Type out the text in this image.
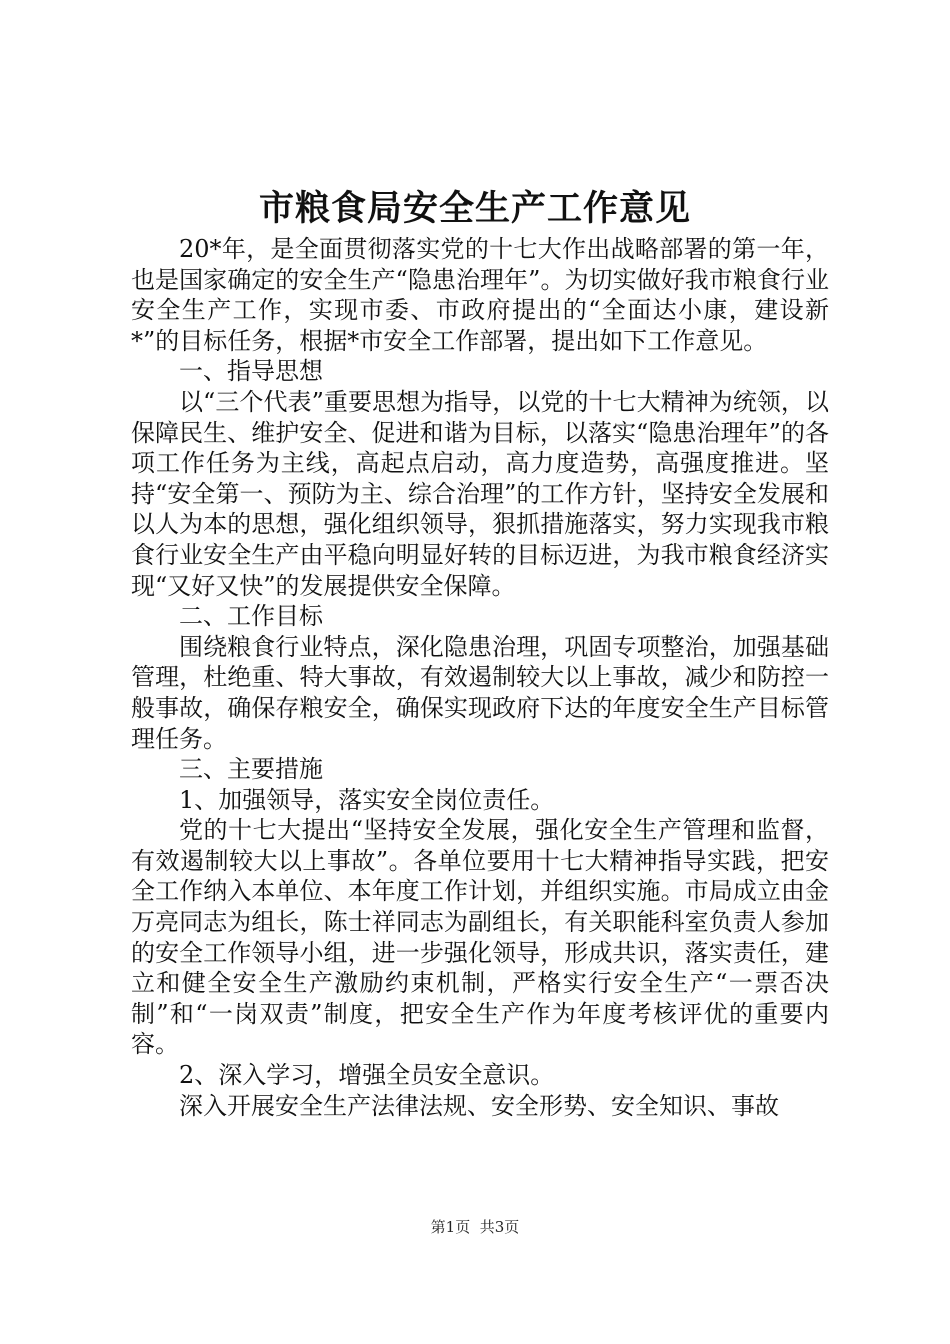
市粮食局安全生产工作意见

20*年，是全面贯彻落实党的十七大作出战略部署的第一年，也是国家确定的安全生产“隐患治理年”。为切实做好我市粮食行业安全生产工作，实现市委、市政府提出的“全面达小康，建设新*”的目标任务，根据*市安全工作部署，提出如下工作意见。

一、指导思想

以“三个代表”重要思想为指导，以党的十七大精神为统领，以保障民生、维护安全、促进和谐为目标，以落实“隐患治理年”的各项工作任务为主线，高起点启动，高力度造势，高强度推进。坚持“安全第一、预防为主、综合治理”的工作方针，坚持安全发展和以人为本的思想，强化组织领导，狠抓措施落实，努力实现我市粮食行业安全生产由平稳向明显好转的目标迈进，为我市粮食经济实现“又好又快”的发展提供安全保障。

二、工作目标

围绕粮食行业特点，深化隐患治理，巩固专项整治，加强基础管理，杜绝重、特大事故，有效遏制较大以上事故，减少和防控一般事故，确保存粮安全，确保实现政府下达的年度安全生产目标管理任务。

三、主要措施

1、加强领导，落实安全岗位责任。

党的十七大提出“坚持安全发展，强化安全生产管理和监督，有效遏制较大以上事故”。各单位要用十七大精神指导实践，把安全工作纳入本单位、本年度工作计划，并组织实施。市局成立由金万亮同志为组长，陈士祥同志为副组长，有关职能科室负责人参加的安全工作领导小组，进一步强化领导，形成共识，落实责任，建立和健全安全生产激励约束机制，严格实行安全生产“一票否决制”和“一岗双责”制度，把安全生产作为年度考核评优的重要内容。

2、深入学习，增强全员安全意识。

深入开展安全生产法律法规、安全形势、安全知识、事故

第1页 共3页
